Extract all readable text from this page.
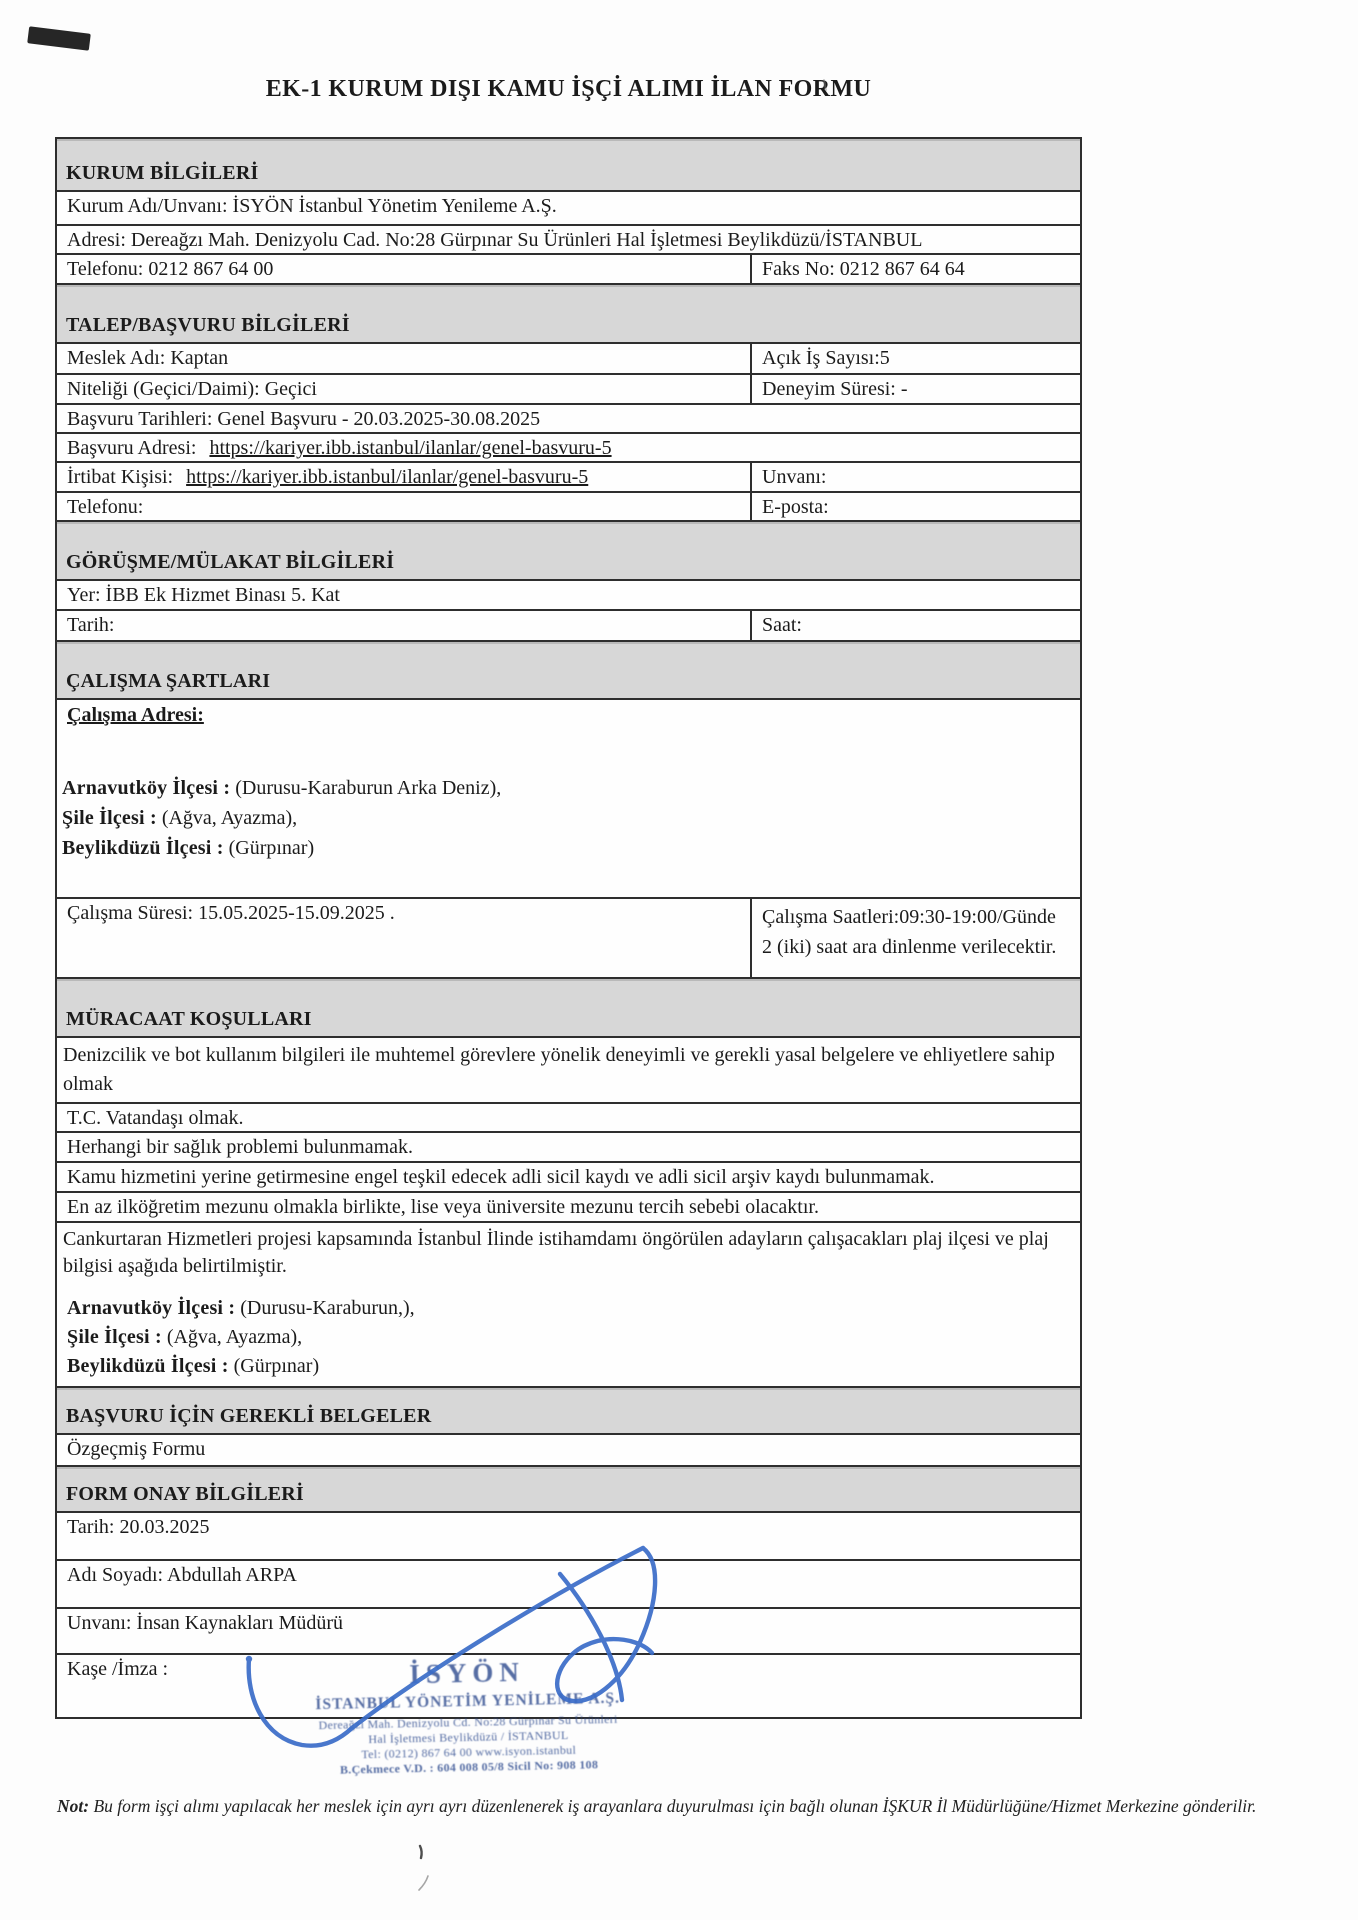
EK-1 KURUM DIŞI KAMU İŞÇİ ALIMI İLAN FORMU
KURUM BİLGİLERİ
Kurum Adı/Unvanı: İSYÖN İstanbul Yönetim Yenileme A.Ş.
Adresi: Dereağzı Mah. Denizyolu Cad. No:28 Gürpınar Su Ürünleri Hal İşletmesi Beylikdüzü/İSTANBUL
Telefonu: 0212 867 64 00	Faks No: 0212 867 64 64
TALEP/BAŞVURU BİLGİLERİ
Meslek Adı: Kaptan	Açık İş Sayısı:5
Niteliği (Geçici/Daimi): Geçici	Deneyim Süresi: -
Başvuru Tarihleri: Genel Başvuru - 20.03.2025-30.08.2025
Başvuru Adresi: https://kariyer.ibb.istanbul/ilanlar/genel-basvuru-5
İrtibat Kişisi: https://kariyer.ibb.istanbul/ilanlar/genel-basvuru-5	Unvanı:
Telefonu:	E-posta:
GÖRÜŞME/MÜLAKAT BİLGİLERİ
Yer: İBB Ek Hizmet Binası 5. Kat
Tarih:	Saat:
ÇALIŞMA ŞARTLARI
Çalışma Adresi:
Arnavutköy İlçesi : (Durusu-Karaburun Arka Deniz),
Şile İlçesi : (Ağva, Ayazma),
Beylikdüzü İlçesi : (Gürpınar)
Çalışma Süresi: 15.05.2025-15.09.2025 .	Çalışma Saatleri:09:30-19:00/Günde 2 (iki) saat ara dinlenme verilecektir.
MÜRACAAT KOŞULLARI
Denizcilik ve bot kullanım bilgileri ile muhtemel görevlere yönelik deneyimli ve gerekli yasal belgelere ve ehliyetlere sahip olmak
T.C. Vatandaşı olmak.
Herhangi bir sağlık problemi bulunmamak.
Kamu hizmetini yerine getirmesine engel teşkil edecek adli sicil kaydı ve adli sicil arşiv kaydı bulunmamak.
En az ilköğretim mezunu olmakla birlikte, lise veya üniversite mezunu tercih sebebi olacaktır.
Cankurtaran Hizmetleri projesi kapsamında İstanbul İlinde istihamdamı öngörülen adayların çalışacakları plaj ilçesi ve plaj bilgisi aşağıda belirtilmiştir.
Arnavutköy İlçesi : (Durusu-Karaburun,),
Şile İlçesi : (Ağva, Ayazma),
Beylikdüzü İlçesi : (Gürpınar)
BAŞVURU İÇİN GEREKLİ BELGELER
Özgeçmiş Formu
FORM ONAY BİLGİLERİ
Tarih: 20.03.2025
Adı Soyadı: Abdullah ARPA
Unvanı: İnsan Kaynakları Müdürü
Kaşe /İmza :	İSYÖN
İSTANBUL YÖNETİM YENİLEME A.Ş.
Dereağzı Mah. Denizyolu Cd. No:28 Gürpınar Su Ürünleri
Hal İşletmesi Beylikdüzü / İSTANBUL
Tel: (0212) 867 64 00 www.isyon.istanbul
B.Çekmece V.D. : 604 008 05/8 Sicil No: 908 108
Not: Bu form işçi alımı yapılacak her meslek için ayrı ayrı düzenlenerek iş arayanlara duyurulması için bağlı olunan İŞKUR İl Müdürlüğüne/Hizmet Merkezine gönderilir.
